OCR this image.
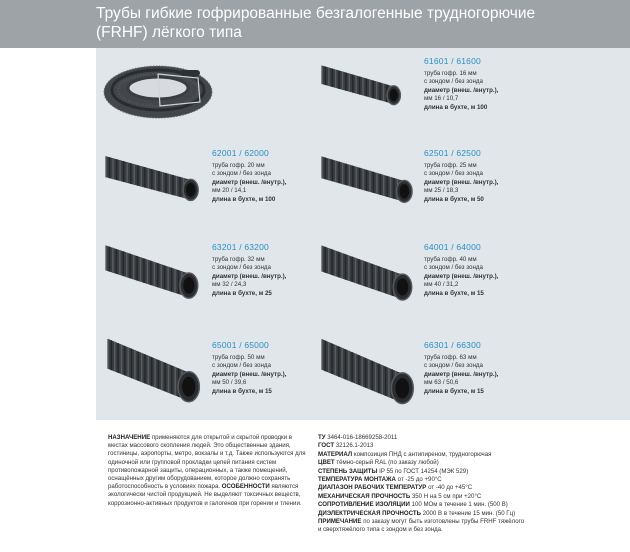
Трубы гибкие гофрированные безгалогенные трудногорючие
(FRHF) лёгкого типа
61601 / 61600
труба гофр. 16 мм
с зондом / без зонда
диаметр (внеш. /внутр.),
мм 16 / 10,7
длина в бухте, м 100
62001 / 62000
труба гофр. 20 мм
с зондом / без зонда
диаметр (внеш. /внутр.),
мм 20 / 14,1
длина в бухте, м 100
62501 / 62500
труба гофр. 25 мм
с зондом / без зонда
диаметр (внеш. /внутр.),
мм 25 / 18,3
длина в бухте, м 50
63201 / 63200
труба гофр. 32 мм
с зондом / без зонда
диаметр (внеш. /внутр.),
мм 32 / 24,3
длина в бухте, м 25
64001 / 64000
труба гофр. 40 мм
с зондом / без зонда
диаметр (внеш. /внутр.),
мм 40 / 31,2
длина в бухте, м 15
65001 / 65000
труба гофр. 50 мм
с зондом / без зонда
диаметр (внеш. /внутр.),
мм 50 / 39,6
длина в бухте, м 15
66301 / 66300
труба гофр. 63 мм
с зондом / без зонда
диаметр (внеш. /внутр.),
мм 63 / 50,6
длина в бухте, м 15
НАЗНАЧЕНИЕ применяются для открытой и скрытой проводки в местах массового скопления людей. Это общественные здания, гостиницы, аэропорты, метро, вокзалы и т.д. Также используются для одиночной или групповой прокладки цепей питания систем противопожарной защиты, операционных, а также помещений, оснащённых другим оборудованием, которое должно сохранять работоспособность в условиях пожара. ОСОБЕННОСТИ являются экологически чистой продукцией. Не выделяют токсичных веществ, коррозионно-активных продуктов и галогенов при горении и тлении.
ТУ 3464-016-18669258-2011
ГОСТ 32126.1-2013
МАТЕРИАЛ композиция ПНД с антипиреном, трудногорючая
ЦВЕТ тёмно-серый RAL (по заказу любой)
СТЕПЕНЬ ЗАЩИТЫ IP 55 по ГОСТ 14254 (МЭК 529)
ТЕМПЕРАТУРА МОНТАЖА от -25 до +90°С
ДИАПАЗОН РАБОЧИХ ТЕМПЕРАТУР от -40 до +45°С
МЕХАНИЧЕСКАЯ ПРОЧНОСТЬ 350 Н на 5 см при +20°С
СОПРОТИВЛЕНИЕ ИЗОЛЯЦИИ 100 МОм в течение 1 мин. (500 В)
ДИЭЛЕКТРИЧЕСКАЯ ПРОЧНОСТЬ 2000 В в течение 15 мин. (50 Гц)
ПРИМЕЧАНИЕ по заказу могут быть изготовлены трубы FRHF тяжёлого и сверхтяжёлого типа с зондом и без зонда.
